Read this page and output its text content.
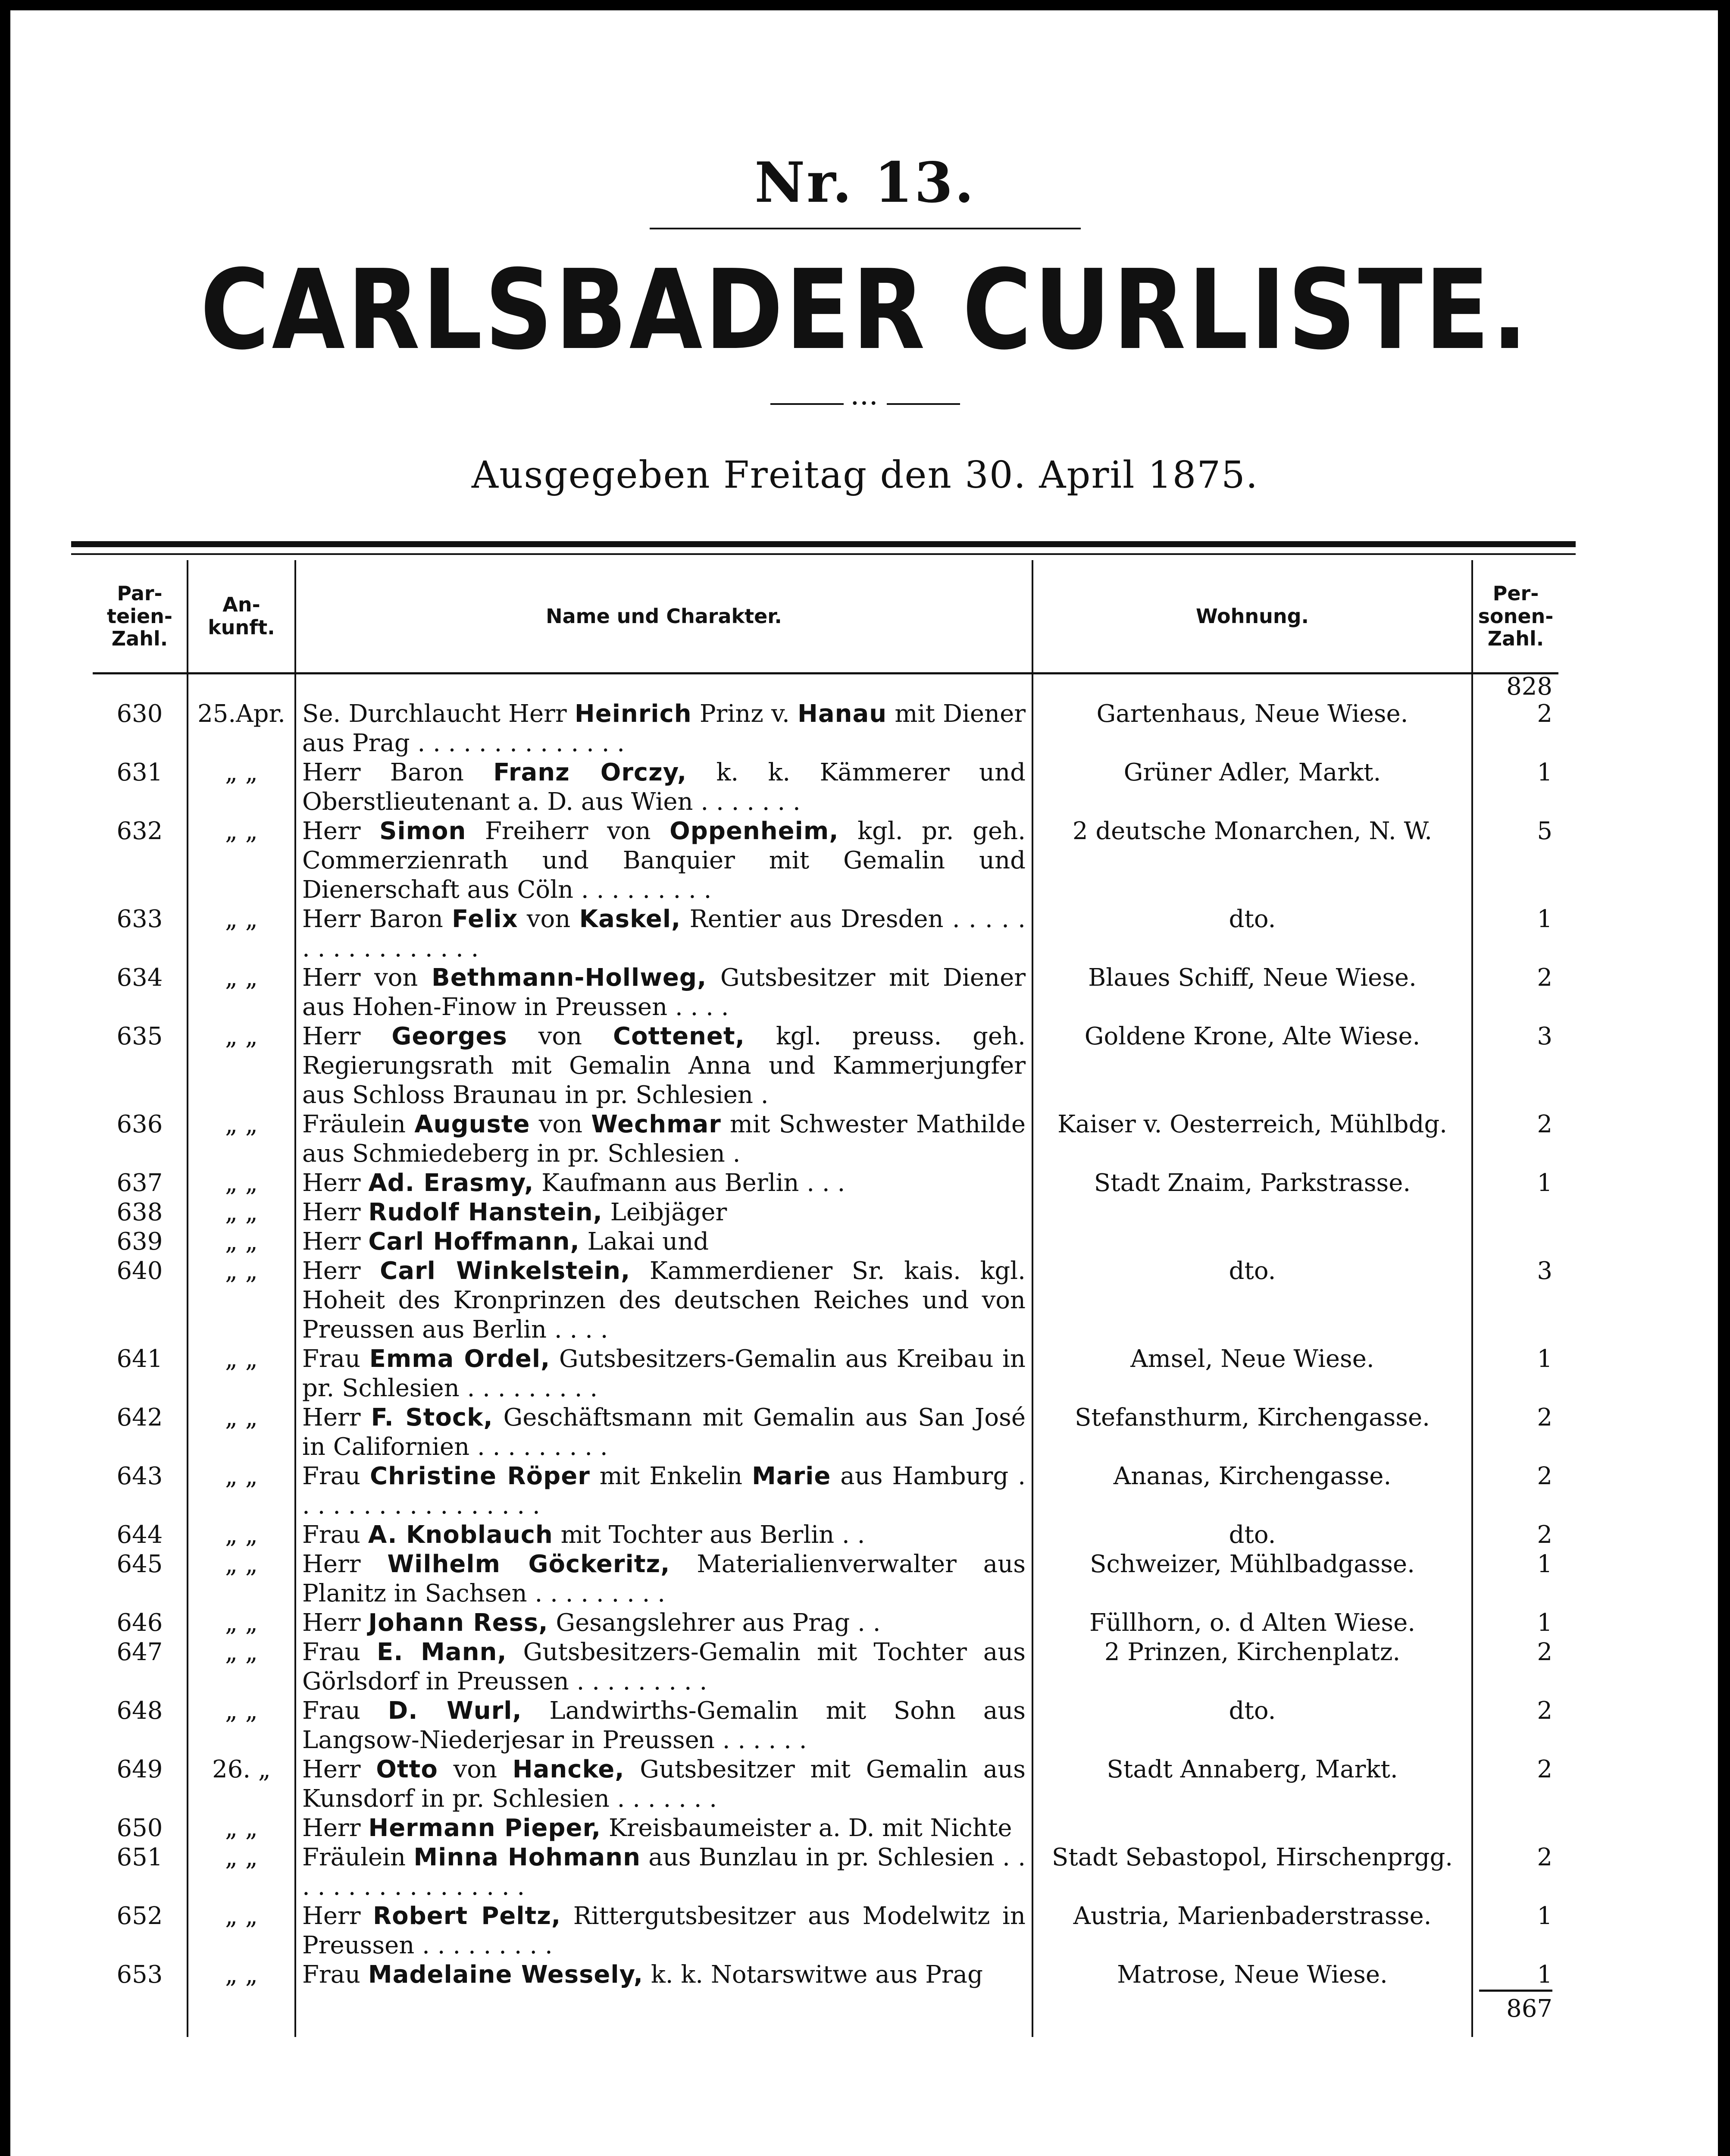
Nr. 13.
CARLSBADER CURLISTE.
•••
Ausgegeben Freitag den 30. April 1875.
Par-teien-Zahl.	An-kunft.	Name und Charakter.	Wohnung.	Per-sonen-Zahl.
				828
630	25.Apr.	Se. Durchlaucht Herr Heinrich Prinz v. Hanau mit Diener aus Prag . . . . . . . . . . . . . .	Gartenhaus, Neue Wiese.	2
631	„ „	Herr Baron Franz Orczy, k. k. Kämmerer und Oberstlieutenant a. D. aus Wien . . . . . . .	Grüner Adler, Markt.	1
632	„ „	Herr Simon Freiherr von Oppenheim, kgl. pr. geh. Commerzienrath und Banquier mit Gemalin und Dienerschaft aus Cöln . . . . . . . . .	2 deutsche Monarchen, N. W.	5
633	„ „	Herr Baron Felix von Kaskel, Rentier aus Dresden . . . . . . . . . . . . . . . . .	dto.	1
634	„ „	Herr von Bethmann-Hollweg, Gutsbesitzer mit Diener aus Hohen-Finow in Preussen . . . .	Blaues Schiff, Neue Wiese.	2
635	„ „	Herr Georges von Cottenet, kgl. preuss. geh. Regierungsrath mit Gemalin Anna und Kammerjungfer aus Schloss Braunau in pr. Schlesien .	Goldene Krone, Alte Wiese.	3
636	„ „	Fräulein Auguste von Wechmar mit Schwester Mathilde aus Schmiedeberg in pr. Schlesien .	Kaiser v. Oesterreich, Mühlbdg.	2
637	„ „	Herr Ad. Erasmy, Kaufmann aus Berlin . . .	Stadt Znaim, Parkstrasse.	1
638	„ „	Herr Rudolf Hanstein, Leibjäger		
639	„ „	Herr Carl Hoffmann, Lakai und		
640	„ „	Herr Carl Winkelstein, Kammerdiener Sr. kais. kgl. Hoheit des Kronprinzen des deutschen Reiches und von Preussen aus Berlin . . . .	dto.	3
641	„ „	Frau Emma Ordel, Gutsbesitzers-Gemalin aus Kreibau in pr. Schlesien . . . . . . . . .	Amsel, Neue Wiese.	1
642	„ „	Herr F. Stock, Geschäftsmann mit Gemalin aus San José in Californien . . . . . . . . .	Stefansthurm, Kirchengasse.	2
643	„ „	Frau Christine Röper mit Enkelin Marie aus Hamburg . . . . . . . . . . . . . . . . .	Ananas, Kirchengasse.	2
644	„ „	Frau A. Knoblauch mit Tochter aus Berlin . .	dto.	2
645	„ „	Herr Wilhelm Göckeritz, Materialienverwalter aus Planitz in Sachsen . . . . . . . . .	Schweizer, Mühlbadgasse.	1
646	„ „	Herr Johann Ress, Gesangslehrer aus Prag . .	Füllhorn, o. d Alten Wiese.	1
647	„ „	Frau E. Mann, Gutsbesitzers-Gemalin mit Tochter aus Görlsdorf in Preussen . . . . . . . . .	2 Prinzen, Kirchenplatz.	2
648	„ „	Frau D. Wurl, Landwirths-Gemalin mit Sohn aus Langsow-Niederjesar in Preussen . . . . . .	dto.	2
649	26. „	Herr Otto von Hancke, Gutsbesitzer mit Gemalin aus Kunsdorf in pr. Schlesien . . . . . . .	Stadt Annaberg, Markt.	2
650	„ „	Herr Hermann Pieper, Kreisbaumeister a. D. mit Nichte		
651	„ „	Fräulein Minna Hohmann aus Bunzlau in pr. Schlesien . . . . . . . . . . . . . . . . .	Stadt Sebastopol, Hirschenprgg.	2
652	„ „	Herr Robert Peltz, Rittergutsbesitzer aus Modelwitz in Preussen . . . . . . . . .	Austria, Marienbaderstrasse.	1
653	„ „	Frau Madelaine Wessely, k. k. Notarswitwe aus Prag	Matrose, Neue Wiese.	1
				867
